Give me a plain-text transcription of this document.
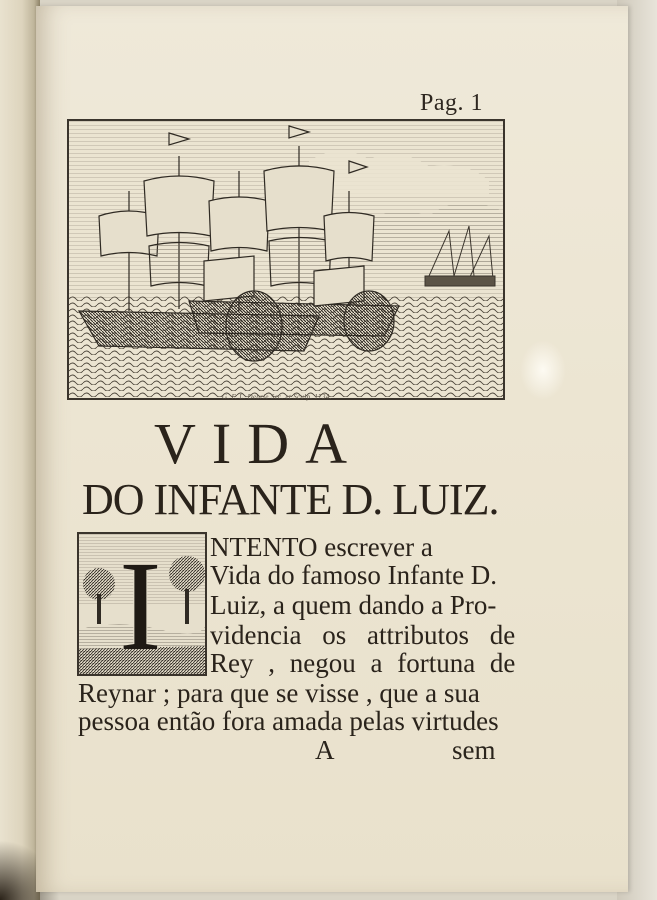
Pag. 1
G. F. L. Debrie Sec. et Sculp. 1734.
VIDA
DO INFANTE D. LUIZ.
I NTENTO escrever a
Vida do famoso Infante D.
Luiz, a quem dando a Pro-
videncia os attributos de
Rey , negou a fortuna de
Reynar ; para que se visse , que a sua
pessoa então fora amada pelas virtudes
A	sem
